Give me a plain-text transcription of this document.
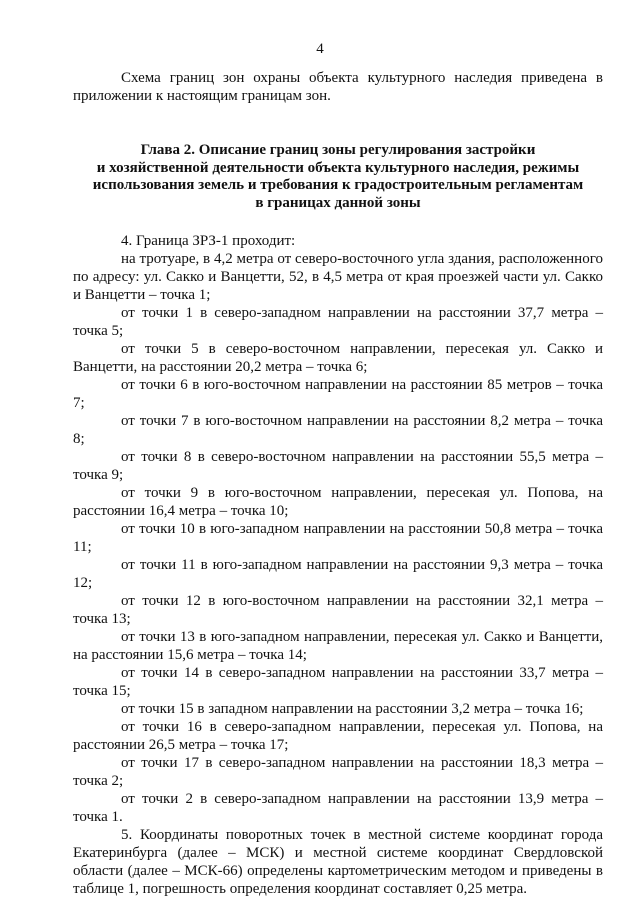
4

Схема границ зон охраны объекта культурного наследия приведена в приложении к настоящим границам зон.

Глава 2. Описание границ зоны регулирования застройки
и хозяйственной деятельности объекта культурного наследия, режимы
использования земель и требования к градостроительным регламентам
в границах данной зоны

4. Граница ЗРЗ-1 проходит:

на тротуаре, в 4,2 метра от северо-восточного угла здания, расположенного по адресу: ул. Сакко и Ванцетти, 52, в 4,5 метра от края проезжей части ул. Сакко и Ванцетти – точка 1;

от точки 1 в северо-западном направлении на расстоянии 37,7 метра – точка 5;

от точки 5 в северо-восточном направлении, пересекая ул. Сакко и Ванцетти, на расстоянии 20,2 метра – точка 6;

от точки 6 в юго-восточном направлении на расстоянии 85 метров – точка 7;

от точки 7 в юго-восточном направлении на расстоянии 8,2 метра – точка 8;

от точки 8 в северо-восточном направлении на расстоянии 55,5 метра – точка 9;

от точки 9 в юго-восточном направлении, пересекая ул. Попова, на расстоянии 16,4 метра – точка 10;

от точки 10 в юго-западном направлении на расстоянии 50,8 метра – точка 11;

от точки 11 в юго-западном направлении на расстоянии 9,3 метра – точка 12;

от точки 12 в юго-восточном направлении на расстоянии 32,1 метра – точка 13;

от точки 13 в юго-западном направлении, пересекая ул. Сакко и Ванцетти, на расстоянии 15,6 метра – точка 14;

от точки 14 в северо-западном направлении на расстоянии 33,7 метра – точка 15;

от точки 15 в западном направлении на расстоянии 3,2 метра – точка 16;

от точки 16 в северо-западном направлении, пересекая ул. Попова, на расстоянии 26,5 метра – точка 17;

от точки 17 в северо-западном направлении на расстоянии 18,3 метра – точка 2;

от точки 2 в северо-западном направлении на расстоянии 13,9 метра – точка 1.

5. Координаты поворотных точек в местной системе координат города Екатеринбурга (далее – МСК) и местной системе координат Свердловской области (далее – МСК-66) определены картометрическим методом и приведены в таблице 1, погрешность определения координат составляет 0,25 метра.
